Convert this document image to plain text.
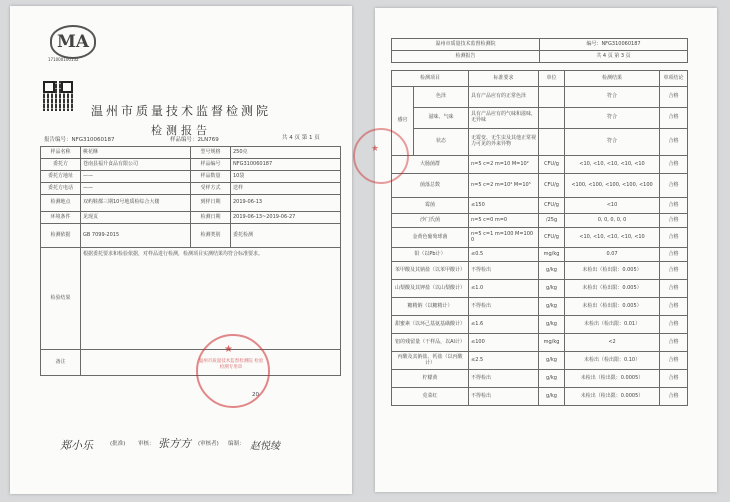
MA
171000100132
温州市质量技术监督检测院
检测报告
报告编号：NFG310060187	样品编号：2LN769	共 4 页 第 1 页
样品名称	桃花酥	型号规格	250克
委托方	苍南县福升食品有限公司	样品编号	NFG310060187
委托方地址	——	样品数量	10袋
委托方电话	——	受样方式	送样
检测地点	双屿鞋都三期10号地质检综合大楼	到样日期	2019-06-13
环境条件	见现页	检测日期	2019-06-13~2019-06-27
检测依据	GB 7099-2015	检测类别	委托检测
检验结果	根据委托要求和检验依据，对样品进行检测，检测项目实测结果均符合标准要求。		
备注				温州市质量技术监督检测院 检验检测专用章
★
20
郑小乐	(批准) 审核： 张方方 (审核者) 编制： 赵悦绫
温州市质量技术监督检测院	编号：NFG310060187
检测报告	共 4 页 第 3 页
检测项目		标准要求	单位	检测结果	单项结论
感官	色泽	具有产品应有的正常色泽		符合	合格
	滋味、气味	具有产品应有的气味和滋味，无异味		符合	合格
	状态	无霉变、无生虫及其他正常视力可见的外来异物		符合	合格
大肠菌群		n=5 c=2 m=10 M=10²	CFU/g	<10, <10, <10, <10, <10	合格
菌落总数		n=5 c=2 m=10⁴ M=10⁵	CFU/g	<100, <100, <100, <100, <100	合格
霉菌		≤150	CFU/g	<10	合格
沙门氏菌		n=5 c=0 m=0	/25g	0, 0, 0, 0, 0	合格
金黄色葡萄球菌		n=5 c=1 m=100 M=1000	CFU/g	<10, <10, <10, <10, <10	合格
铅（以Pb计）		≤0.5	mg/kg	0.07	合格
苯甲酸及其钠盐（以苯甲酸计）		不得检出	g/kg	未检出（检出限：0.005）	合格
山梨酸及其钾盐（以山梨酸计）		≤1.0	g/kg	未检出（检出限：0.005）	合格
糖精钠（以糖精计）		不得检出	g/kg	未检出（检出限：0.005）	合格
甜蜜素（以环己基氨基磺酸计）		≤1.6	g/kg	未检出（检出限：0.01）	合格
铝的残留量（干样品，以Al计）		≤100	mg/kg	<2	合格
丙酸及其钠盐、钙盐（以丙酸计）		≤2.5	g/kg	未检出（检出限：0.10）	合格
柠檬黄		不得检出	g/kg	未检出（检出限：0.0005）	合格
苋菜红		不得检出	g/kg	未检出（检出限：0.0005）	合格
★
